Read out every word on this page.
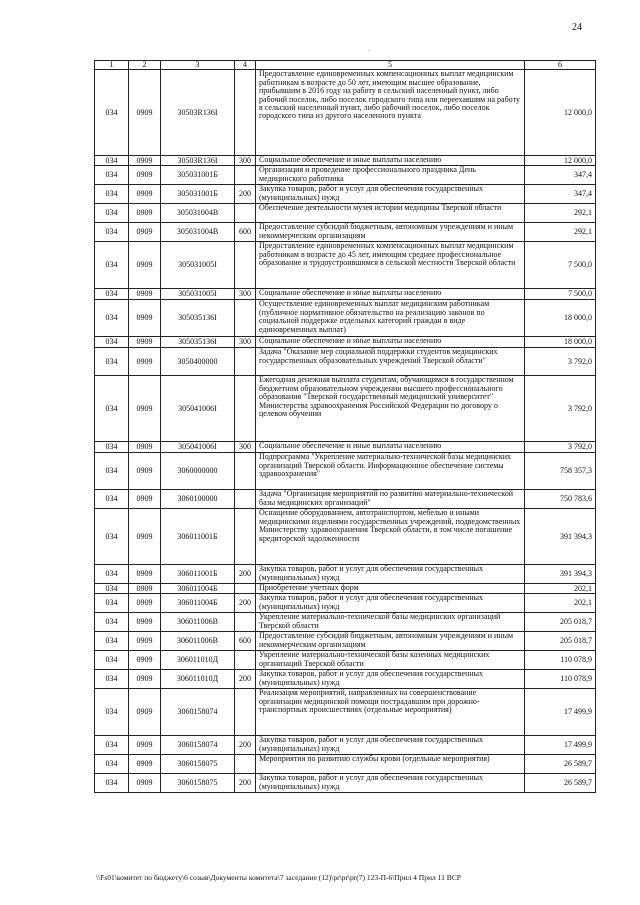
24
-
1	2	3	4	5	6
034	0909	30503R136I		Предоставление единовременных компенсационных выплат медицинским работникам в возрасте до 50 лет, имеющим высшее образование, прибывшим в 2016 году на работу в сельский населенный пункт, либо рабочий поселок, либо поселок городского типа или переехавшим на работу в сельский населенный пункт, либо рабочий поселок, либо поселок городского типа из другого населенного пункта	12 000,0
034	0909	30503R136I	300	Социальное обеспечение и иные выплаты населению	12 000,0
034	0909	305031001Б		Организация и проведение профессионального праздника День медицинского работника	347,4
034	0909	305031001Б	200	Закупка товаров, работ и услуг для обеспечения государственных (муниципальных) нужд	347,4
034	0909	305031004В		Обеспечение деятельности музея истории медицины Тверской области	292,1
034	0909	305031004В	600	Предоставление субсидий бюджетным, автономным учреждениям и иным некоммерческим организациям	292,1
034	0909	305031005I		Предоставление единовременных компенсационных выплат медицинским работникам в возрасте до 45 лет, имеющим среднее профессиональное образование и трудоустроившимся в сельской местности Тверской области	7 500,0
034	0909	305031005I	300	Социальное обеспечение и иные выплаты населению	7 500,0
034	0909	305035136I		Осуществление единовременных выплат медицинским работникам (публичное нормативное обязательство на реализацию законов по социальной поддержке отдельных категорий граждан в виде единовременных выплат)	18 000,0
034	0909	305035136I	300	Социальное обеспечение и иные выплаты населению	18 000,0
034	0909	3050400000		Задача "Оказание мер социальной поддержки студентов медицинских государственных образовательных учреждений Тверской области"	3 792,0
034	0909	305041006I		Ежегодная денежная выплата студентам, обучающимся в государственном бюджетном образовательном учреждении высшего профессионального образования "Тверской государственный медицинский университет" Министерства здравоохранения Российской Федерации по договору о целевом обучении	3 792,0
034	0909	305041006I	300	Социальное обеспечение и иные выплаты населению	3 792,0
034	0909	3060000000		Подпрограмма "Укрепление материально-технической базы медицинских организаций Тверской области. Информационное обеспечение системы здравоохранения"	758 357,3
034	0909	3060100000		Задача "Организация мероприятий по развитию материально-технической базы медицинских организаций"	750 783,6
034	0909	306011001Б		Оснащение оборудованием, автотранспортом, мебелью и иными медицинскими изделиями государственных учреждений, подведомственных Министерству здравоохранения Тверской области, в том числе погашение кредиторской задолженности	391 394,3
034	0909	306011001Б	200	Закупка товаров, работ и услуг для обеспечения государственных (муниципальных) нужд	391 394,3
034	0909	306011004Б		Приобретение учетных форм	202,1
034	0909	306011004Б	200	Закупка товаров, работ и услуг для обеспечения государственных (муниципальных) нужд	202,1
034	0909	306011006В		Укрепление материально-технической базы медицинских организаций Тверской области	205 018,7
034	0909	306011006В	600	Предоставление субсидий бюджетным, автономным учреждениям и иным некоммерческим организациям	205 018,7
034	0909	306011010Д		Укрепление материально-технической базы казенных медицинских организаций Тверской области	110 078,9
034	0909	306011010Д	200	Закупка товаров, работ и услуг для обеспечения государственных (муниципальных) нужд	110 078,9
034	0909	3060158074		Реализация мероприятий, направленных на совершенствование организации медицинской помощи пострадавшим при дорожно-транспортных происшествиях (отдельные мероприятия)	17 499,9
034	0909	3060158074	200	Закупка товаров, работ и услуг для обеспечения государственных (муниципальных) нужд	17 499,9
034	0909	3060158075		Мероприятия по развитию службы крови (отдельные мероприятия)	26 589,7
034	0909	3060158075	200	Закупка товаров, работ и услуг для обеспечения государственных (муниципальных) нужд	26 589,7
\\Fs01\комитет по бюджету\6 созыв\Документы комитета\7 заседание (12)\pr\pr\pr(7) 123-П-6\Прил 4 Прил 11 ВСР
